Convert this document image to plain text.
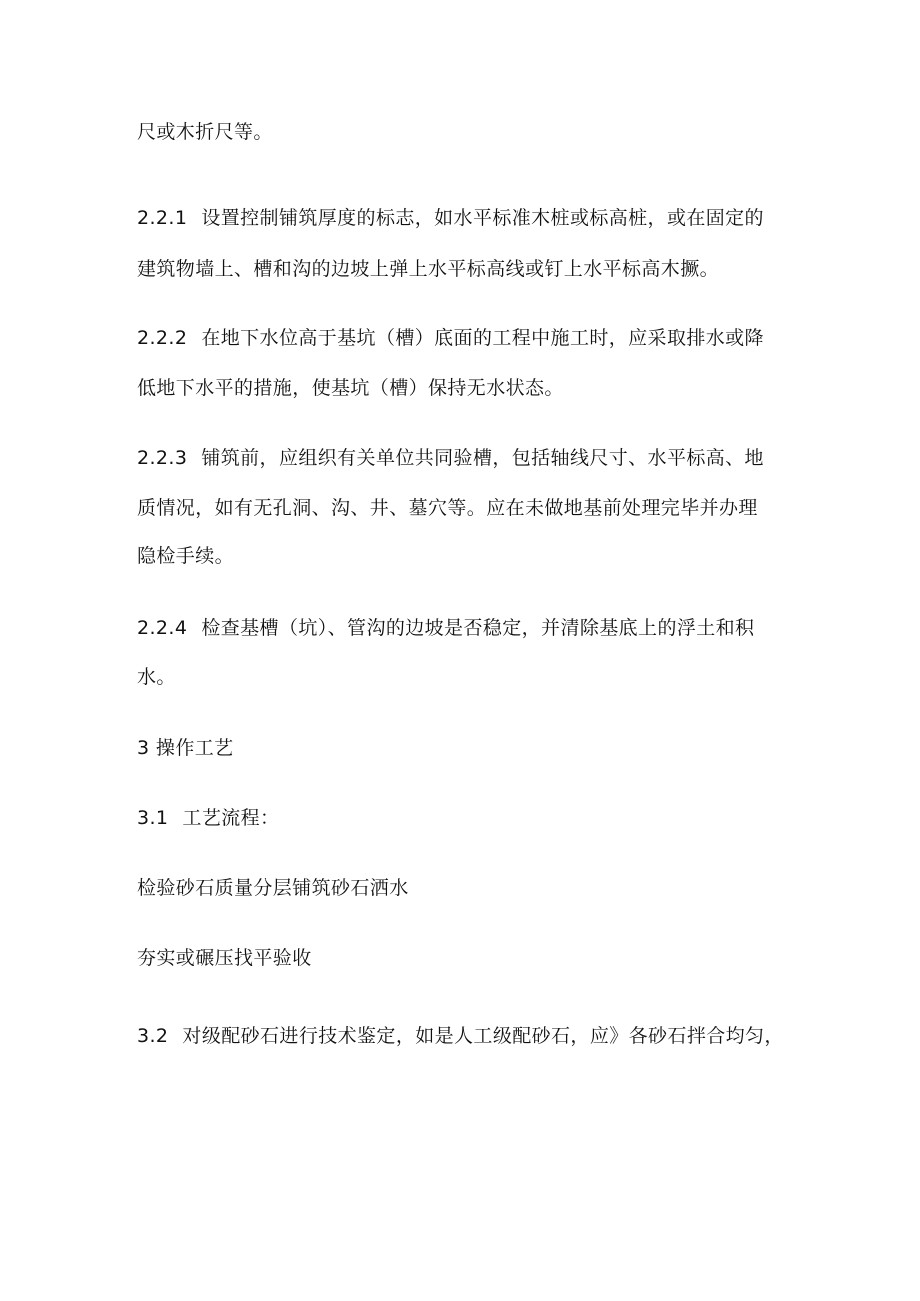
尺或木折尺等。
2.2.1 设置控制铺筑厚度的标志，如水平标准木桩或标高桩，或在固定的
建筑物墙上、槽和沟的边坡上弹上水平标高线或钉上水平标高木撅。
2.2.2 在地下水位高于基坑（槽）底面的工程中施工时，应采取排水或降
低地下水平的措施，使基坑（槽）保持无水状态。
2.2.3 铺筑前，应组织有关单位共同验槽，包括轴线尺寸、水平标高、地
质情况，如有无孔洞、沟、井、墓穴等。应在未做地基前处理完毕并办理
隐检手续。
2.2.4 检查基槽（坑）、管沟的边坡是否稳定，并清除基底上的浮土和积
水。
3 操作工艺
3.1 工艺流程：
检验砂石质量分层铺筑砂石洒水
夯实或碾压找平验收
3.2 对级配砂石进行技术鉴定，如是人工级配砂石，应》各砂石拌合均匀，
